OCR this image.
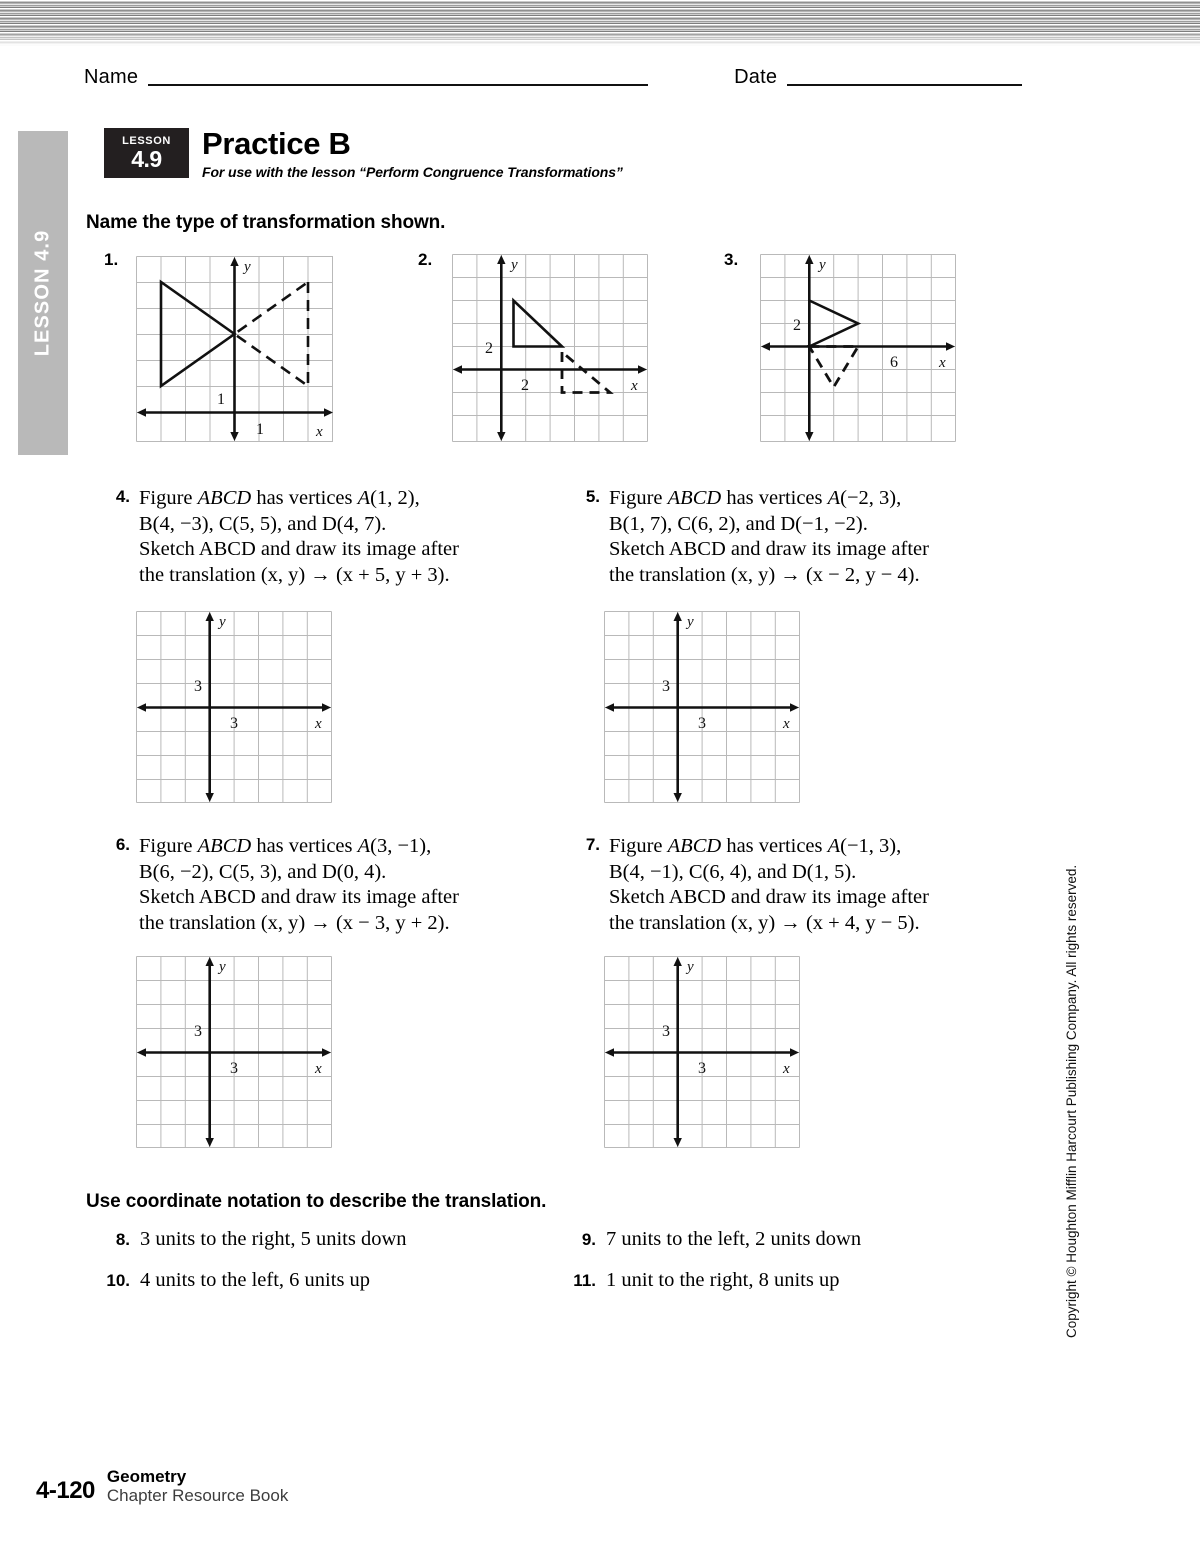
Name	Date
LESSON 4.9
LESSON
4.9 Practice B
For use with the lesson “Perform Congruence Transformations”
Name the type of transformation shown.
1.	y
x
1
1
2.	y
x
2
2
3.	y
x
2
6
4. Figure ABCD has vertices A(1, 2),
B(4, −3), C(5, 5), and D(4, 7).
Sketch ABCD and draw its image after
the translation (x, y) → (x + 5, y + 3).
5. Figure ABCD has vertices A(−2, 3),
B(1, 7), C(6, 2), and D(−1, −2).
Sketch ABCD and draw its image after
the translation (x, y) → (x − 2, y − 4).
y
x
3
3
y
x
3
3
6. Figure ABCD has vertices A(3, −1),
B(6, −2), C(5, 3), and D(0, 4).
Sketch ABCD and draw its image after
the translation (x, y) → (x − 3, y + 2).
7. Figure ABCD has vertices A(−1, 3),
B(4, −1), C(6, 4), and D(1, 5).
Sketch ABCD and draw its image after
the translation (x, y) → (x + 4, y − 5).
y
x
3
3
y
x
3
3
Use coordinate notation to describe the translation.
8. 3 units to the right, 5 units down	9. 7 units to the left, 2 units down
10. 4 units to the left, 6 units up	11. 1 unit to the right, 8 units up	Copyright © Houghton Mifflin Harcourt Publishing Company. All rights reserved.
4-120
Geometry
Chapter Resource Book
